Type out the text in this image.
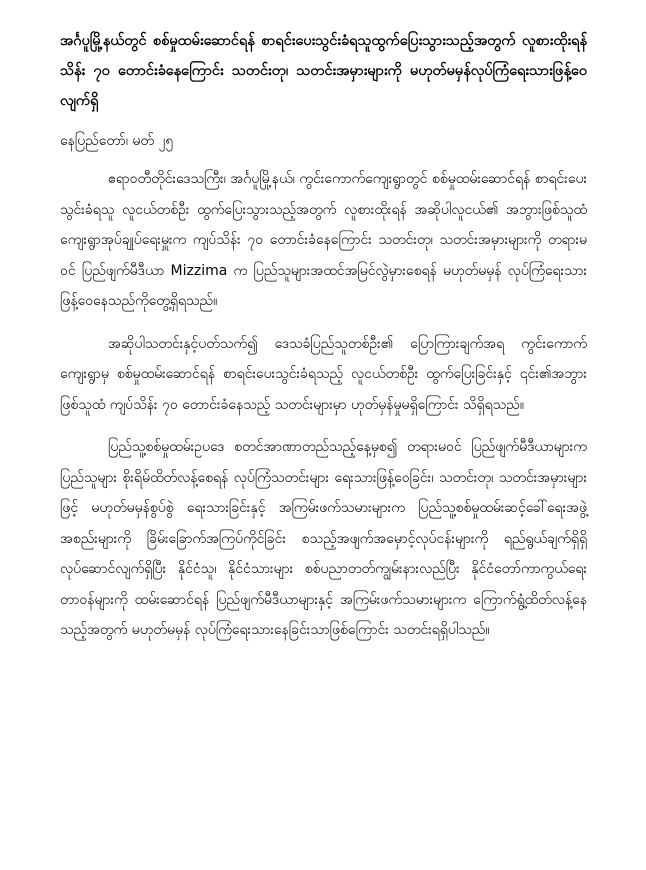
အင်္ဂပူမြို့နယ်တွင် စစ်မှုထမ်းဆောင်ရန် စာရင်းပေးသွင်းခံရသူထွက်ပြေးသွားသည့်အတွက် လူစားထိုးရန် သိန်း ၇၀ တောင်းခံနေကြောင်း သတင်းတု၊ သတင်းအမှားများကို မဟုတ်မမှန်လုပ်ကြံရေးသားဖြန့်ဝေလျက်ရှိ

နေပြည်တော်၊ မတ် ၂၅

ဧရာဝတီတိုင်းဒေသကြီး၊ အင်္ဂပူမြို့နယ်၊ ကွင်းကောက်ကျေးရွာတွင် စစ်မှုထမ်းဆောင်ရန် စာရင်းပေးသွင်းခံရသူ လူငယ်တစ်ဦး ထွက်ပြေးသွားသည့်အတွက် လူစားထိုးရန် အဆိုပါလူငယ်၏ အဘွားဖြစ်သူထံ ကျေးရွာအုပ်ချုပ်ရေးမှူးက ကျပ်သိန်း ၇၀ တောင်းခံနေကြောင်း သတင်းတု၊ သတင်းအမှားများကို တရားမဝင် ပြည်ဖျက်မီဒီယာ Mizzima က ပြည်သူများအထင်အမြင်လွဲမှားစေရန် မဟုတ်မမှန် လုပ်ကြံရေးသား ဖြန့်ဝေနေသည်ကိုတွေ့ရှိရသည်။

အဆိုပါသတင်းနှင့်ပတ်သက်၍ ဒေသခံပြည်သူတစ်ဦး၏ ပြောကြားချက်အရ ကွင်းကောက်ကျေးရွာမှ စစ်မှုထမ်းဆောင်ရန် စာရင်းပေးသွင်းခံရသည့် လူငယ်တစ်ဦး ထွက်ပြေးခြင်းနှင့် ၎င်း၏အဘွားဖြစ်သူထံ ကျပ်သိန်း ၇၀ တောင်းခံနေသည့် သတင်းများမှာ ဟုတ်မှန်မှုမရှိကြောင်း သိရှိရသည်။

ပြည်သူ့စစ်မှုထမ်းဥပဒေ စတင်အာဏာတည်သည့်နေ့မှစ၍ တရားမဝင် ပြည်ဖျက်မီဒီယာများက ပြည်သူများ စိုးရိမ်ထိတ်လန့်စေရန် လုပ်ကြံသတင်းများ ရေးသားဖြန့်ဝေခြင်း၊ သတင်းတု၊ သတင်းအမှားများဖြင့် မဟုတ်မမှန်စွပ်စွဲ ရေးသားခြင်းနှင့် အကြမ်းဖက်သမားများက ပြည်သူ့စစ်မှုထမ်းဆင့်ခေါ်ရေးအဖွဲ့အစည်းများကို ခြိမ်းခြောက်အကြပ်ကိုင်ခြင်း စသည့်အဖျက်အမှောင့်လုပ်ငန်းများကို ရည်ရွယ်ချက်ရှိရှိ လုပ်ဆောင်လျက်ရှိပြီး နိုင်ငံသူ၊ နိုင်ငံသားများ စစ်ပညာတတ်ကျွမ်းနားလည်ပြီး နိုင်ငံတော်ကာကွယ်ရေးတာဝန်များကို ထမ်းဆောင်ရန် ပြည်ဖျက်မီဒီယာများနှင့် အကြမ်းဖက်သမားများက ကြောက်ရွံ့ထိတ်လန့်နေသည့်အတွက် မဟုတ်မမှန် လုပ်ကြံရေးသားနေခြင်းသာဖြစ်ကြောင်း သတင်းရရှိပါသည်။
